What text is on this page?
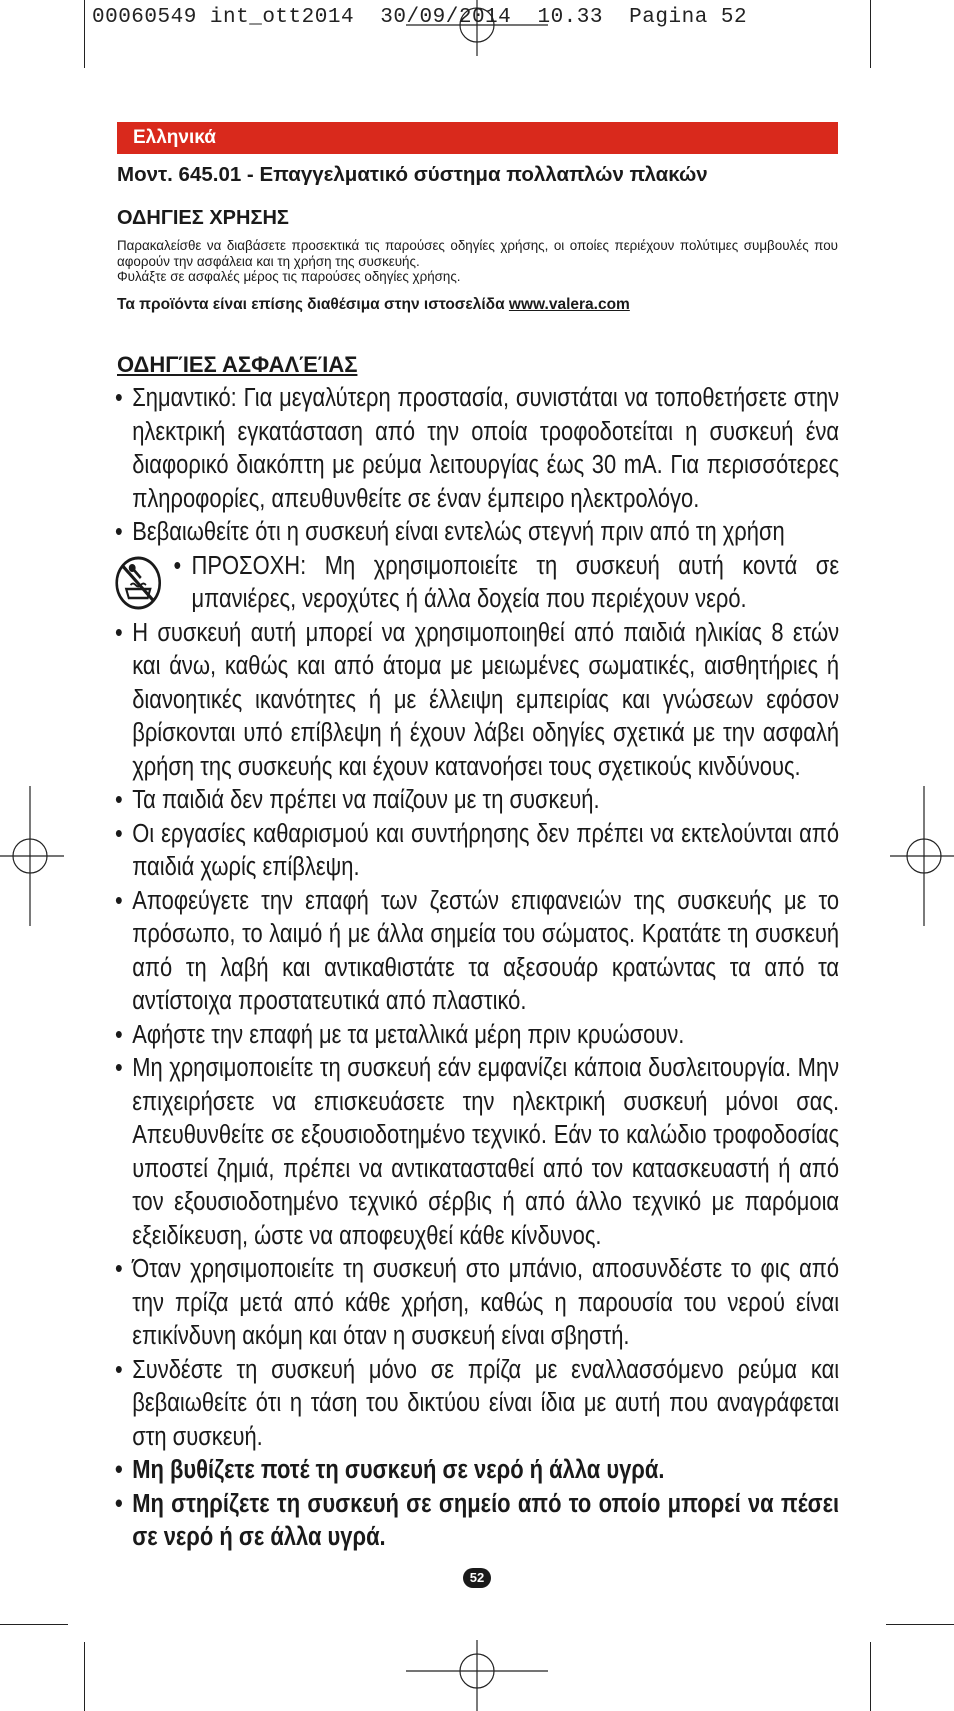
00060549 int_ott2014  30/09/2014  10.33  Pagina 52
Ελληνικά
Μοντ. 645.01 - Επαγγελματικό σύστημα πολλαπλών πλακών
ΟΔΗΓΙΕΣ ΧΡΗΣΗΣ

Παρακαλείσθε να διαβάσετε προσεκτικά τις παρούσες οδηγίες χρήσης, οι οποίες περιέχουν πολύτιμες συμβουλές που αφορούν την ασφάλεια και τη χρήση της συσκευής.

Φυλάξτε σε ασφαλές μέρος τις παρούσες οδηγίες χρήσης.

Τα προϊόντα είναι επίσης διαθέσιμα στην ιστοσελίδα www.valera.com
ΟΔΗΓΊΕΣ ΑΣΦΑΛΈΊΑΣ
• Σημαντικό: Για μεγαλύτερη προστασία, συνιστάται να τοποθετήσετε στην ηλεκτρική εγκατάσταση από την οποία τροφοδοτείται η συσκευή ένα διαφορικό διακόπτη με ρεύμα λειτουργίας έως 30 mA. Για περισσότερες πληροφορίες, απευθυνθείτε σε έναν έμπειρο ηλεκτρολόγο.
• Βεβαιωθείτε ότι η συσκευή είναι εντελώς στεγνή πριν από τη χρήση
• ΠΡΟΣΟΧΗ: Μη χρησιμοποιείτε τη συσκευή αυτή κοντά σε μπανιέρες, νεροχύτες ή άλλα δοχεία που περιέχουν νερό.
• Η συσκευή αυτή μπορεί να χρησιμοποιηθεί από παιδιά ηλικίας 8 ετών και άνω, καθώς και από άτομα με μειωμένες σωματικές, αισθητήριες ή διανοητικές ικανότητες ή με έλλειψη εμπειρίας και γνώσεων εφόσον βρίσκονται υπό επίβλεψη ή έχουν λάβει οδηγίες σχετικά με την ασφαλή χρήση της συσκευής και έχουν κατανοήσει τους σχετικούς κινδύνους.
• Τα παιδιά δεν πρέπει να παίζουν με τη συσκευή.
• Οι εργασίες καθαρισμού και συντήρησης δεν πρέπει να εκτελούνται από παιδιά χωρίς επίβλεψη.
• Αποφεύγετε την επαφή των ζεστών επιφανειών της συσκευής με το πρόσωπο, το λαιμό ή με άλλα σημεία του σώματος. Κρατάτε τη συσκευή από τη λαβή και αντικαθιστάτε τα αξεσουάρ κρατώντας τα από τα αντίστοιχα προστατευτικά από πλαστικό.
• Αφήστε την επαφή με τα μεταλλικά μέρη πριν κρυώσουν.
• Μη χρησιμοποιείτε τη συσκευή εάν εμφανίζει κάποια δυσλειτουργία. Μην επιχειρήσετε να επισκευάσετε την ηλεκτρική συσκευή μόνοι σας. Απευθυνθείτε σε εξουσιοδοτημένο τεχνικό. Εάν το καλώδιο τροφοδοσίας υποστεί ζημιά, πρέπει να αντικατασταθεί από τον κατασκευαστή ή από τον εξουσιοδοτημένο τεχνικό σέρβις ή από άλλο τεχνικό με παρόμοια εξειδίκευση, ώστε να αποφευχθεί κάθε κίνδυνος.
• Όταν χρησιμοποιείτε τη συσκευή στο μπάνιο, αποσυνδέστε το φις από την πρίζα μετά από κάθε χρήση, καθώς η παρουσία του νερού είναι επικίνδυνη ακόμη και όταν η συσκευή είναι σβηστή.
• Συνδέστε τη συσκευή μόνο σε πρίζα με εναλλασσόμενο ρεύμα και βεβαιωθείτε ότι η τάση του δικτύου είναι ίδια με αυτή που αναγράφεται στη συσκευή.
• Μη βυθίζετε ποτέ τη συσκευή σε νερό ή άλλα υγρά.
• Μη στηρίζετε τη συσκευή σε σημείο από το οποίο μπορεί να πέσει σε νερό ή σε άλλα υγρά.
52
